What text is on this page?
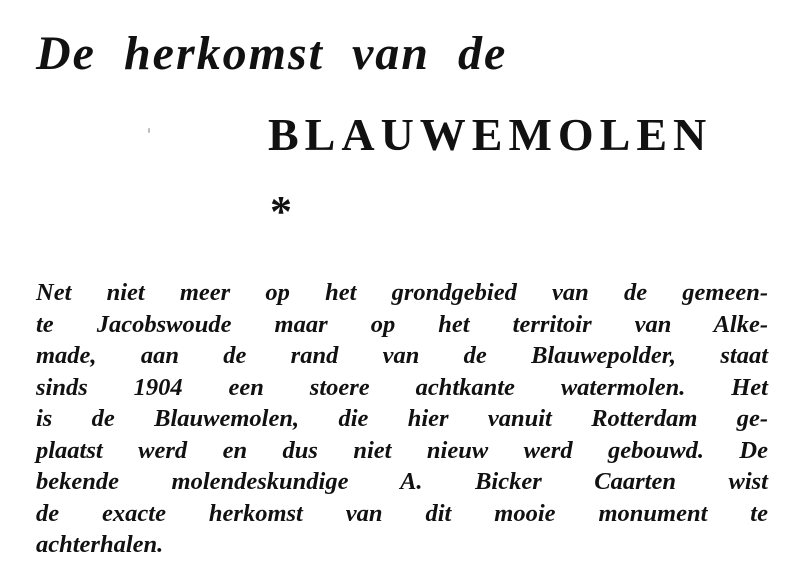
De herkomst van de
BLAUWEMOLEN
*
Net niet meer op het grondgebied van de gemeen-
te Jacobswoude maar op het territoir van Alke-
made, aan de rand van de Blauwepolder, staat
sinds 1904 een stoere achtkante watermolen. Het
is de Blauwemolen, die hier vanuit Rotterdam ge-
plaatst werd en dus niet nieuw werd gebouwd. De
bekende molendeskundige A. Bicker Caarten wist
de exacte herkomst van dit mooie monument te
achterhalen.
